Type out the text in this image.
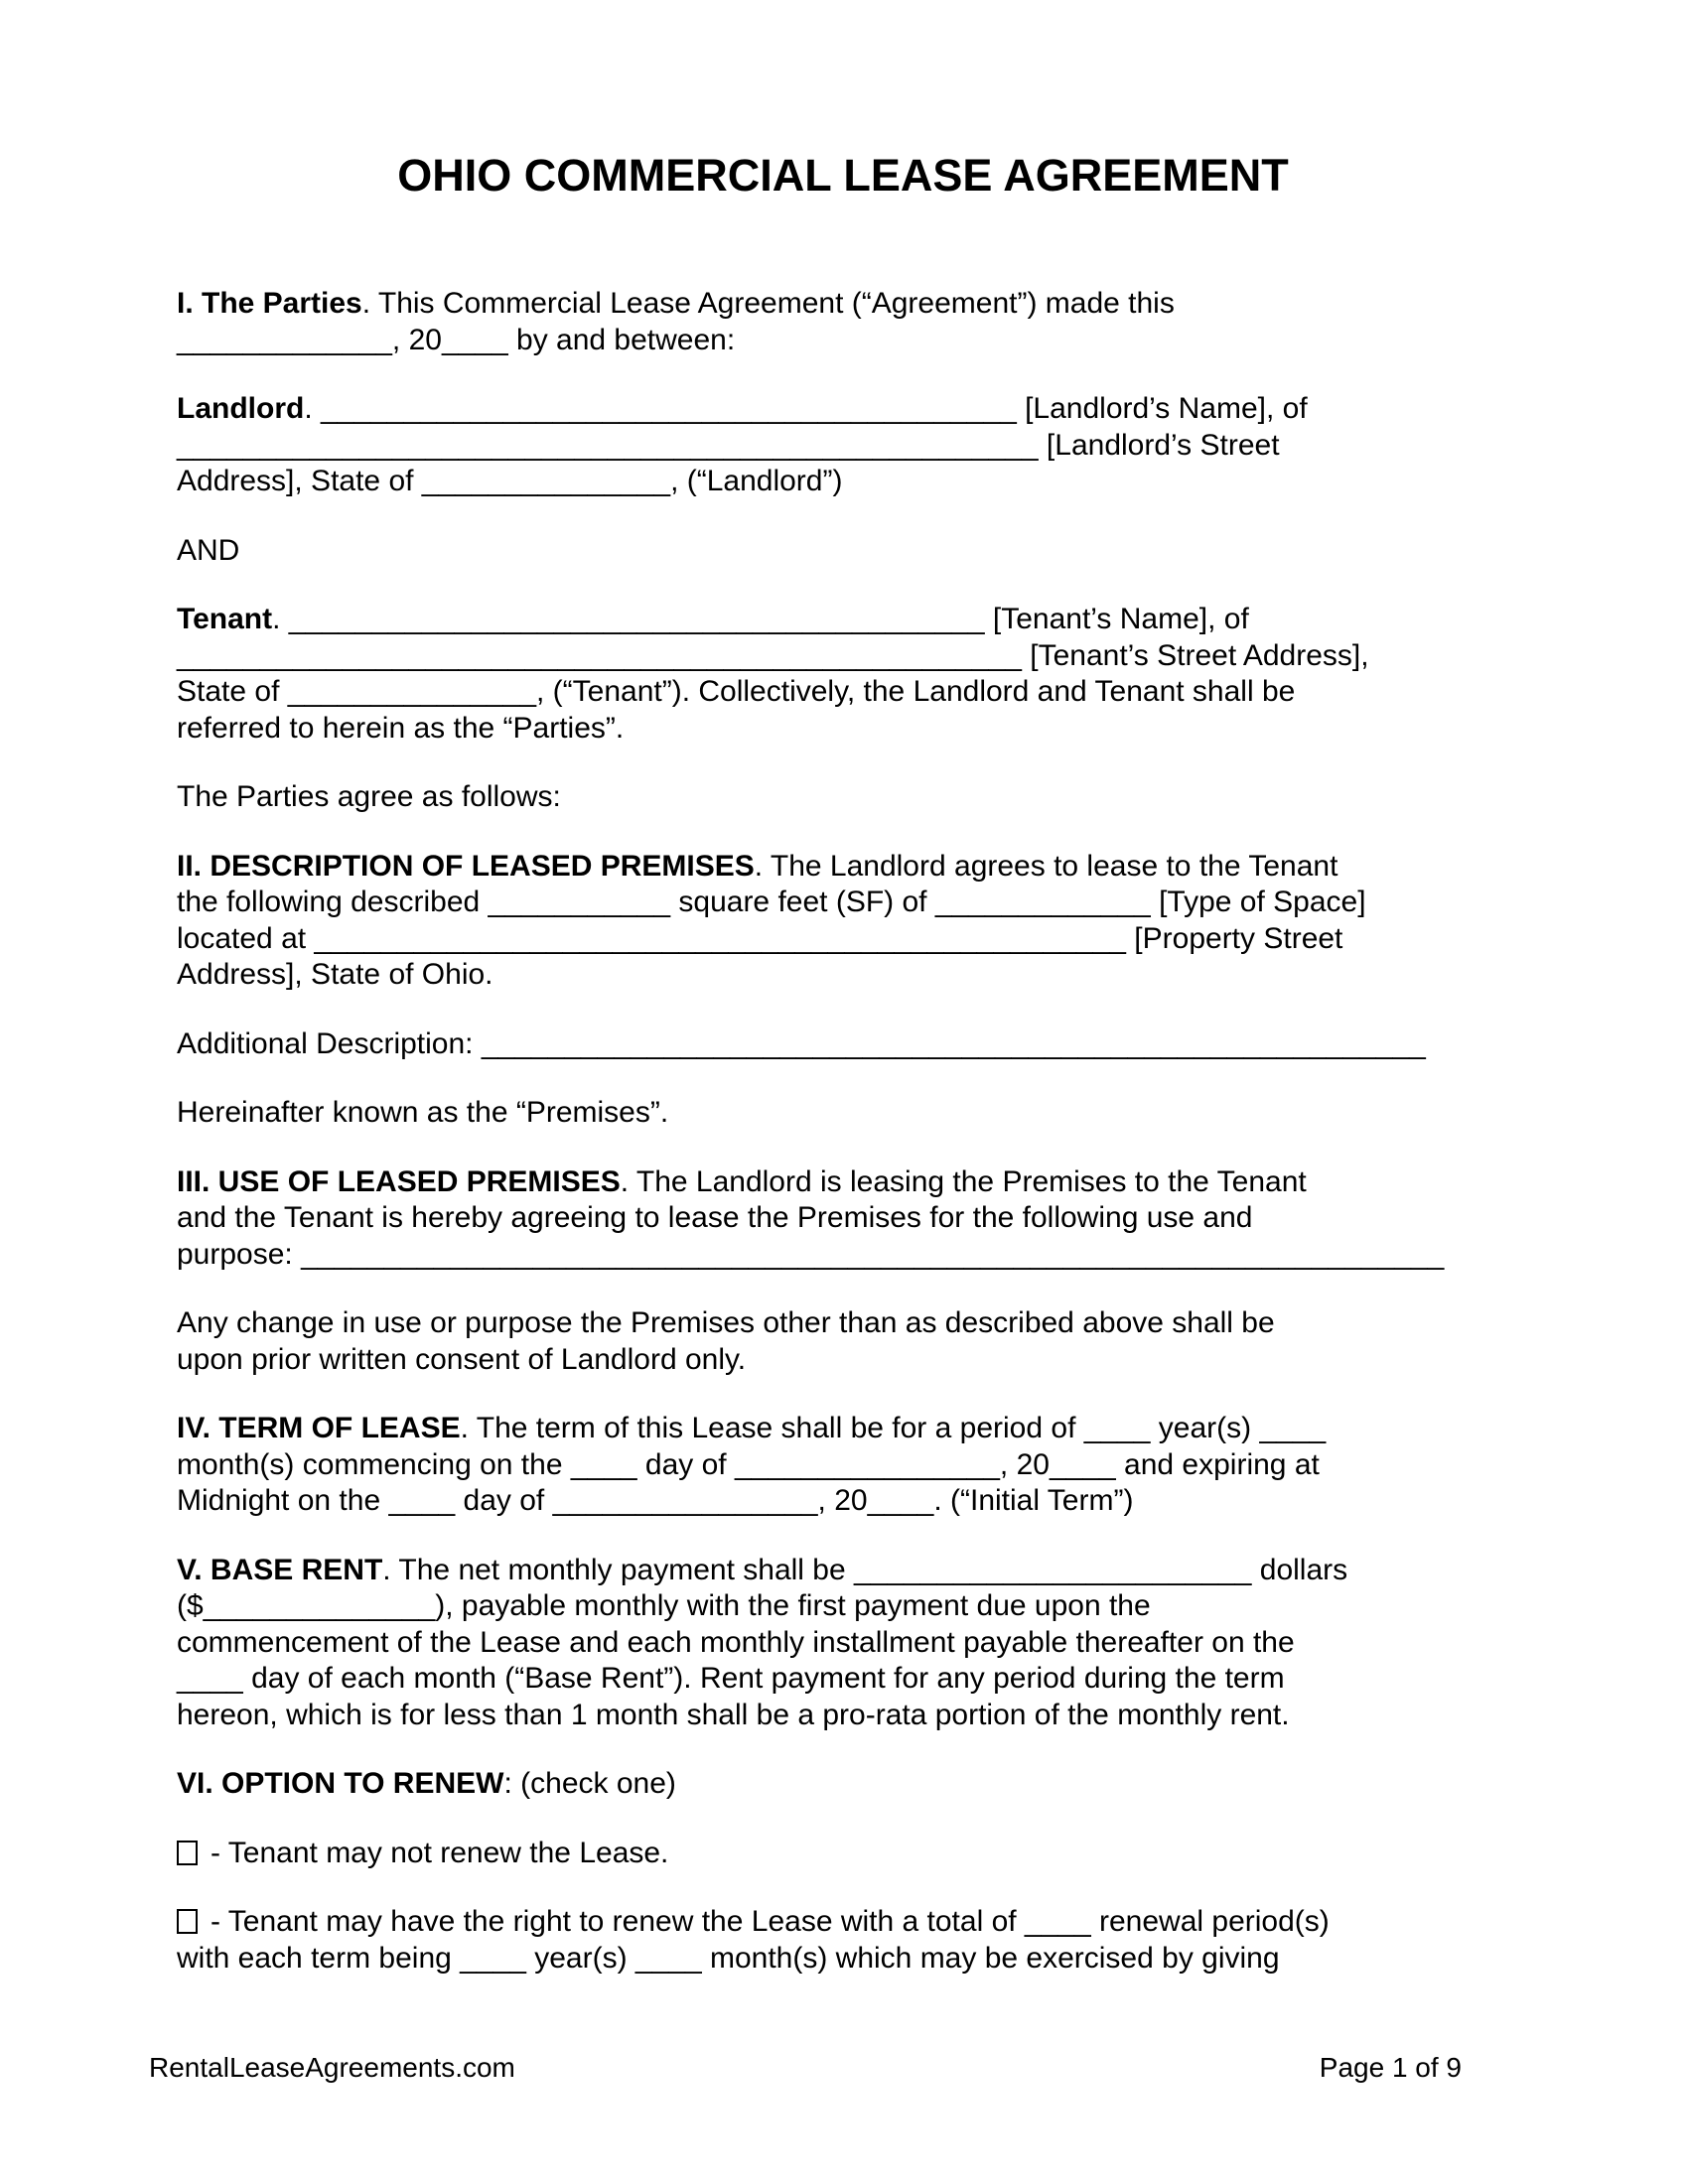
OHIO COMMERCIAL LEASE AGREEMENT
I. The Parties. This Commercial Lease Agreement (“Agreement”) made this
_____________, 20____ by and between:
Landlord. __________________________________________ [Landlord’s Name], of
____________________________________________________ [Landlord’s Street
Address], State of _______________, (“Landlord”)
AND
Tenant. __________________________________________ [Tenant’s Name], of
___________________________________________________ [Tenant’s Street Address],
State of _______________, (“Tenant”). Collectively, the Landlord and Tenant shall be
referred to herein as the “Parties”.
The Parties agree as follows:
II. DESCRIPTION OF LEASED PREMISES. The Landlord agrees to lease to the Tenant
the following described ___________ square feet (SF) of _____________ [Type of Space]
located at _________________________________________________ [Property Street
Address], State of Ohio.
Additional Description: _________________________________________________________
Hereinafter known as the “Premises”.
III. USE OF LEASED PREMISES. The Landlord is leasing the Premises to the Tenant
and the Tenant is hereby agreeing to lease the Premises for the following use and
purpose: _____________________________________________________________________
Any change in use or purpose the Premises other than as described above shall be
upon prior written consent of Landlord only.
IV. TERM OF LEASE. The term of this Lease shall be for a period of ____ year(s) ____
month(s) commencing on the ____ day of ________________, 20____ and expiring at
Midnight on the ____ day of ________________, 20____. (“Initial Term”)
V. BASE RENT. The net monthly payment shall be ________________________ dollars
($______________), payable monthly with the first payment due upon the
commencement of the Lease and each monthly installment payable thereafter on the
____ day of each month (“Base Rent”). Rent payment for any period during the term
hereon, which is for less than 1 month shall be a pro-rata portion of the monthly rent.
VI. OPTION TO RENEW: (check one)
- Tenant may not renew the Lease.
- Tenant may have the right to renew the Lease with a total of ____ renewal period(s)
with each term being ____ year(s) ____ month(s) which may be exercised by giving
RentalLeaseAgreements.com	Page 1 of 9
